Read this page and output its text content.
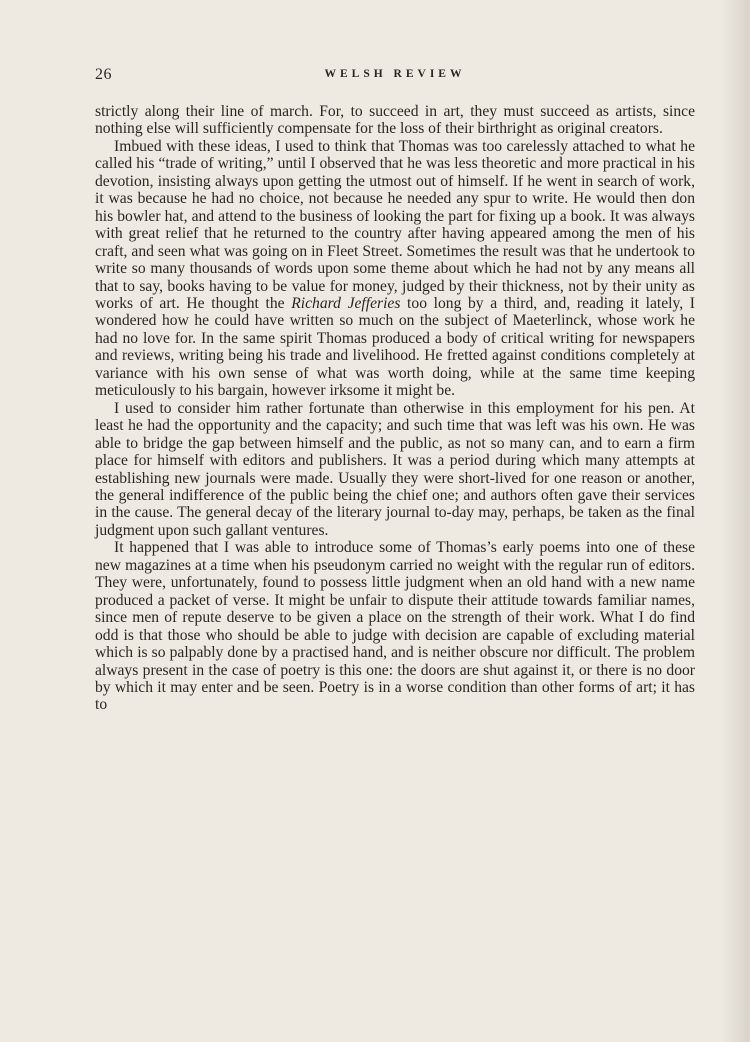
26	WELSH REVIEW

strictly along their line of march. For, to succeed in art, they must succeed as artists, since nothing else will sufficiently compensate for the loss of their birthright as original creators.

Imbued with these ideas, I used to think that Thomas was too carelessly attached to what he called his “trade of writing,” until I observed that he was less theoretic and more practical in his devotion, insisting always upon getting the utmost out of himself. If he went in search of work, it was because he had no choice, not because he needed any spur to write. He would then don his bowler hat, and attend to the business of looking the part for fixing up a book. It was always with great relief that he returned to the country after having appeared among the men of his craft, and seen what was going on in Fleet Street. Sometimes the result was that he undertook to write so many thousands of words upon some theme about which he had not by any means all that to say, books having to be value for money, judged by their thickness, not by their unity as works of art. He thought the Richard Jefferies too long by a third, and, reading it lately, I wondered how he could have written so much on the subject of Maeterlinck, whose work he had no love for. In the same spirit Thomas produced a body of critical writing for newspapers and reviews, writing being his trade and livelihood. He fretted against conditions completely at variance with his own sense of what was worth doing, while at the same time keeping meticulously to his bargain, however irksome it might be.

I used to consider him rather fortunate than otherwise in this employment for his pen. At least he had the opportunity and the capacity; and such time that was left was his own. He was able to bridge the gap between himself and the public, as not so many can, and to earn a firm place for himself with editors and publishers. It was a period during which many attempts at establishing new journals were made. Usually they were short-lived for one reason or another, the general indifference of the public being the chief one; and authors often gave their services in the cause. The general decay of the literary journal to-day may, perhaps, be taken as the final judgment upon such gallant ventures.

It happened that I was able to introduce some of Thomas’s early poems into one of these new magazines at a time when his pseudonym carried no weight with the regular run of editors. They were, unfortunately, found to possess little judgment when an old hand with a new name produced a packet of verse. It might be unfair to dispute their attitude towards familiar names, since men of repute deserve to be given a place on the strength of their work. What I do find odd is that those who should be able to judge with decision are capable of excluding material which is so palpably done by a practised hand, and is neither obscure nor difficult. The problem always present in the case of poetry is this one: the doors are shut against it, or there is no door by which it may enter and be seen. Poetry is in a worse condition than other forms of art; it has to
